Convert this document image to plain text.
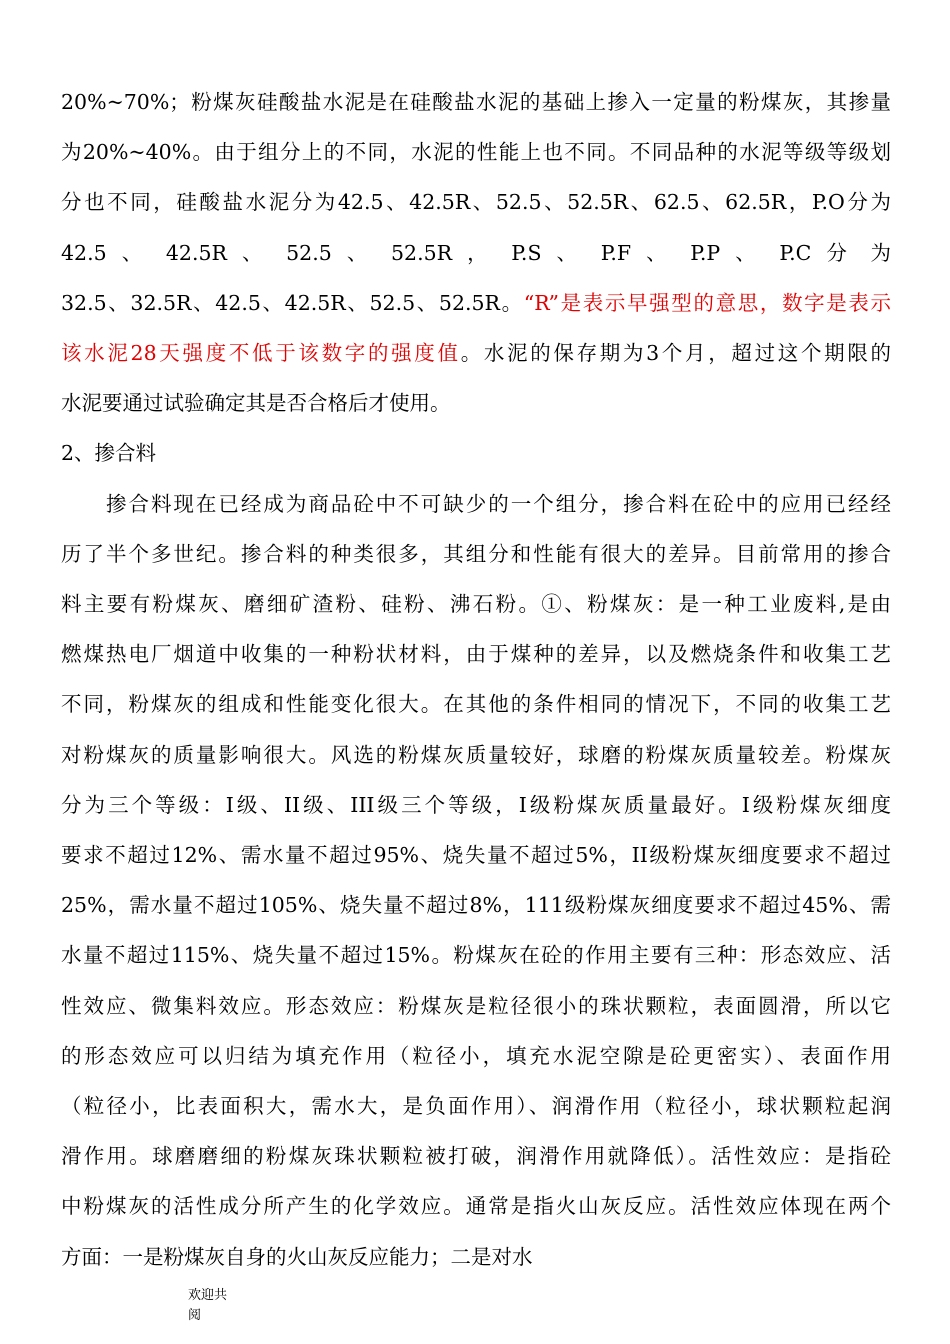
20%~70%；粉煤灰硅酸盐水泥是在硅酸盐水泥的基础上掺入一定量的粉煤灰，其掺量
为20%~40%。由于组分上的不同，水泥的性能上也不同。不同品种的水泥等级等级划
分也不同，硅酸盐水泥分为42.5、42.5R、52.5、52.5R、62.5、62.5R，P.O分为
42.5 、 42.5R 、 52.5 、 52.5R ， P.S 、 P.F 、 P.P 、 P.C 分 为
32.5、32.5R、42.5、42.5R、52.5、52.5R。“R”是表示早强型的意思，数字是表示
该水泥28天强度不低于该数字的强度值。水泥的保存期为3个月，超过这个期限的
水泥要通过试验确定其是否合格后才使用。
2、掺合料
　　掺合料现在已经成为商品砼中不可缺少的一个组分，掺合料在砼中的应用已经经
历了半个多世纪。掺合料的种类很多，其组分和性能有很大的差异。目前常用的掺合
料主要有粉煤灰、磨细矿渣粉、硅粉、沸石粉。①、粉煤灰：是一种工业废料,是由
燃煤热电厂烟道中收集的一种粉状材料，由于煤种的差异，以及燃烧条件和收集工艺
不同，粉煤灰的组成和性能变化很大。在其他的条件相同的情况下，不同的收集工艺
对粉煤灰的质量影响很大。风选的粉煤灰质量较好，球磨的粉煤灰质量较差。粉煤灰
分为三个等级：I级、II级、III级三个等级，I级粉煤灰质量最好。I级粉煤灰细度
要求不超过12%、需水量不超过95%、烧失量不超过5%，II级粉煤灰细度要求不超过
25%，需水量不超过105%、烧失量不超过8%，111级粉煤灰细度要求不超过45%、需
水量不超过115%、烧失量不超过15%。粉煤灰在砼的作用主要有三种：形态效应、活
性效应、微集料效应。形态效应：粉煤灰是粒径很小的珠状颗粒，表面圆滑，所以它
的形态效应可以归结为填充作用（粒径小，填充水泥空隙是砼更密实）、表面作用
（粒径小，比表面积大，需水大，是负面作用）、润滑作用（粒径小，球状颗粒起润
滑作用。球磨磨细的粉煤灰珠状颗粒被打破，润滑作用就降低）。活性效应：是指砼
中粉煤灰的活性成分所产生的化学效应。通常是指火山灰反应。活性效应体现在两个
方面：一是粉煤灰自身的火山灰反应能力；二是对水
欢迎共
阅
